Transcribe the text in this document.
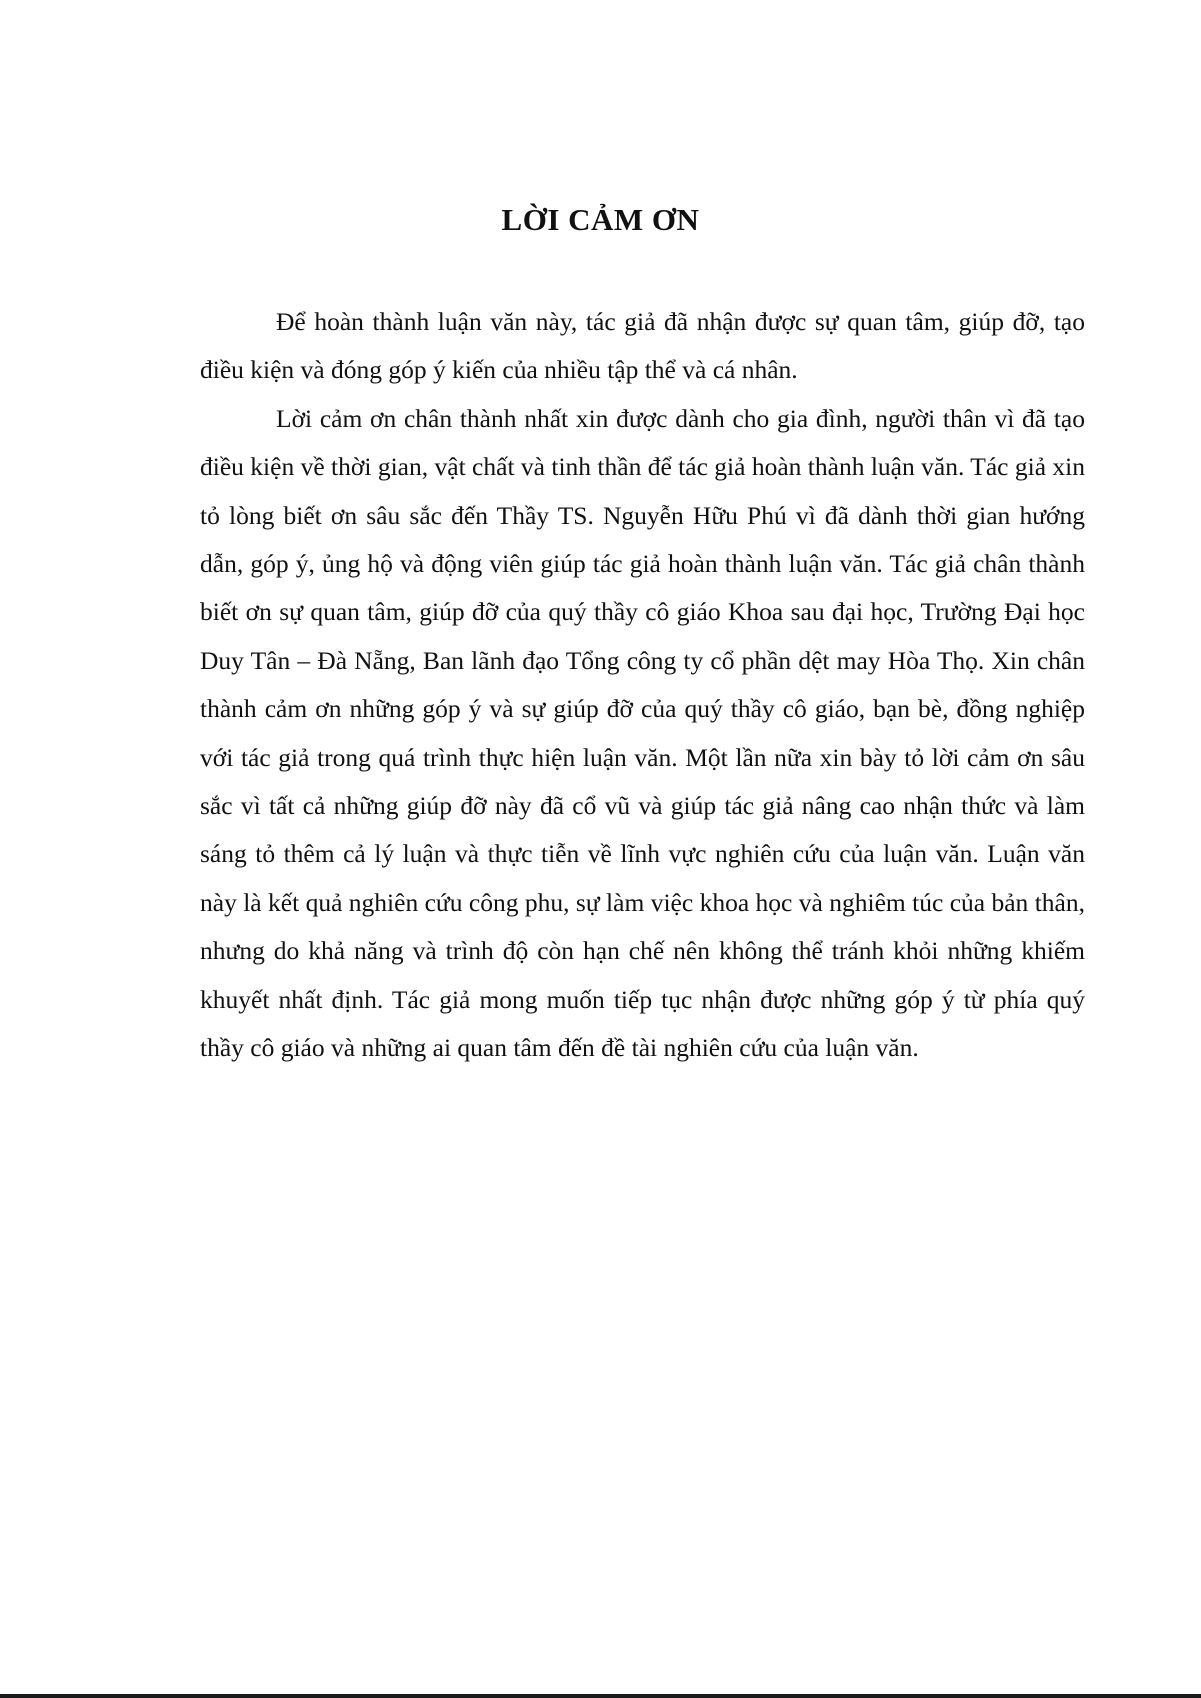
LỜI CẢM ƠN

Để hoàn thành luận văn này, tác giả đã nhận được sự quan tâm, giúp đỡ, tạo điều kiện và đóng góp ý kiến của nhiều tập thể và cá nhân.

Lời cảm ơn chân thành nhất xin được dành cho gia đình, người thân vì đã tạo điều kiện về thời gian, vật chất và tinh thần để tác giả hoàn thành luận văn. Tác giả xin tỏ lòng biết ơn sâu sắc đến Thầy TS. Nguyễn Hữu Phú vì đã dành thời gian hướng dẫn, góp ý, ủng hộ và động viên giúp tác giả hoàn thành luận văn. Tác giả chân thành biết ơn sự quan tâm, giúp đỡ của quý thầy cô giáo Khoa sau đại học, Trường Đại học Duy Tân – Đà Nẵng, Ban lãnh đạo Tổng công ty cổ phần dệt may Hòa Thọ. Xin chân thành cảm ơn những góp ý và sự giúp đỡ của quý thầy cô giáo, bạn bè, đồng nghiệp với tác giả trong quá trình thực hiện luận văn. Một lần nữa xin bày tỏ lời cảm ơn sâu sắc vì tất cả những giúp đỡ này đã cổ vũ và giúp tác giả nâng cao nhận thức và làm sáng tỏ thêm cả lý luận và thực tiễn về lĩnh vực nghiên cứu của luận văn. Luận văn này là kết quả nghiên cứu công phu, sự làm việc khoa học và nghiêm túc của bản thân, nhưng do khả năng và trình độ còn hạn chế nên không thể tránh khỏi những khiếm khuyết nhất định. Tác giả mong muốn tiếp tục nhận được những góp ý từ phía quý thầy cô giáo và những ai quan tâm đến đề tài nghiên cứu của luận văn.
